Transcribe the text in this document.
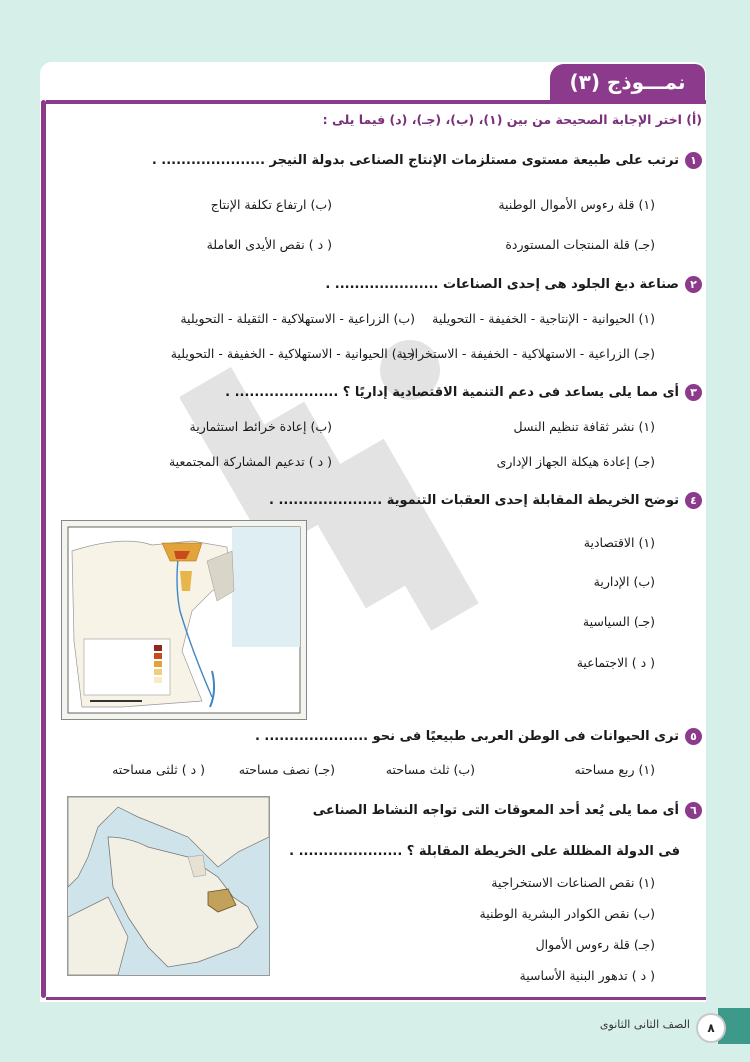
نمـــوذج (٣)
(أ) اختر الإجابة الصحيحة من بين (١)، (ب)، (جـ)، (د) فيما يلى :
١ترتب على طبيعة مستوى مستلزمات الإنتاج الصناعى بدولة النيجر ..................... .
(١) قلة رءوس الأموال الوطنية
(ب) ارتفاع تكلفة الإنتاج
(جـ) قلة المنتجات المستوردة
( د ) نقص الأيدى العاملة
٢صناعة دبغ الجلود هى إحدى الصناعات ..................... .
(١) الحيوانية - الإنتاجية - الخفيفة - التحويلية
(ب) الزراعية - الاستهلاكية - الثقيلة - التحويلية
(جـ) الزراعية - الاستهلاكية - الخفيفة - الاستخراجية
( د ) الحيوانية - الاستهلاكية - الخفيفة - التحويلية
٣أى مما يلى يساعد فى دعم التنمية الاقتصادية إداريًا ؟ ..................... .
(١) نشر ثقافة تنظيم النسل
(ب) إعادة خرائط استثمارية
(جـ) إعادة هيكلة الجهاز الإدارى
( د ) تدعيم المشاركة المجتمعية
٤توضح الخريطة المقابلة إحدى العقبات التنموية ..................... .
(١) الاقتصادية
(ب) الإدارية
(جـ) السياسية
( د ) الاجتماعية
٥ترى الحيوانات فى الوطن العربى طبيعيًا فى نحو ..................... .
(١) ربع مساحته
(ب) ثلث مساحته
(جـ) نصف مساحته
( د ) ثلثى مساحته
٦أى مما يلى يُعد أحد المعوقات التى تواجه النشاط الصناعى
فى الدولة المظللة على الخريطة المقابلة ؟ ..................... .
(١) نقص الصناعات الاستخراجية
(ب) نقص الكوادر البشرية الوطنية
(جـ) قلة رءوس الأموال
( د ) تدهور البنية الأساسية
الصف الثانى الثانوى	٨
